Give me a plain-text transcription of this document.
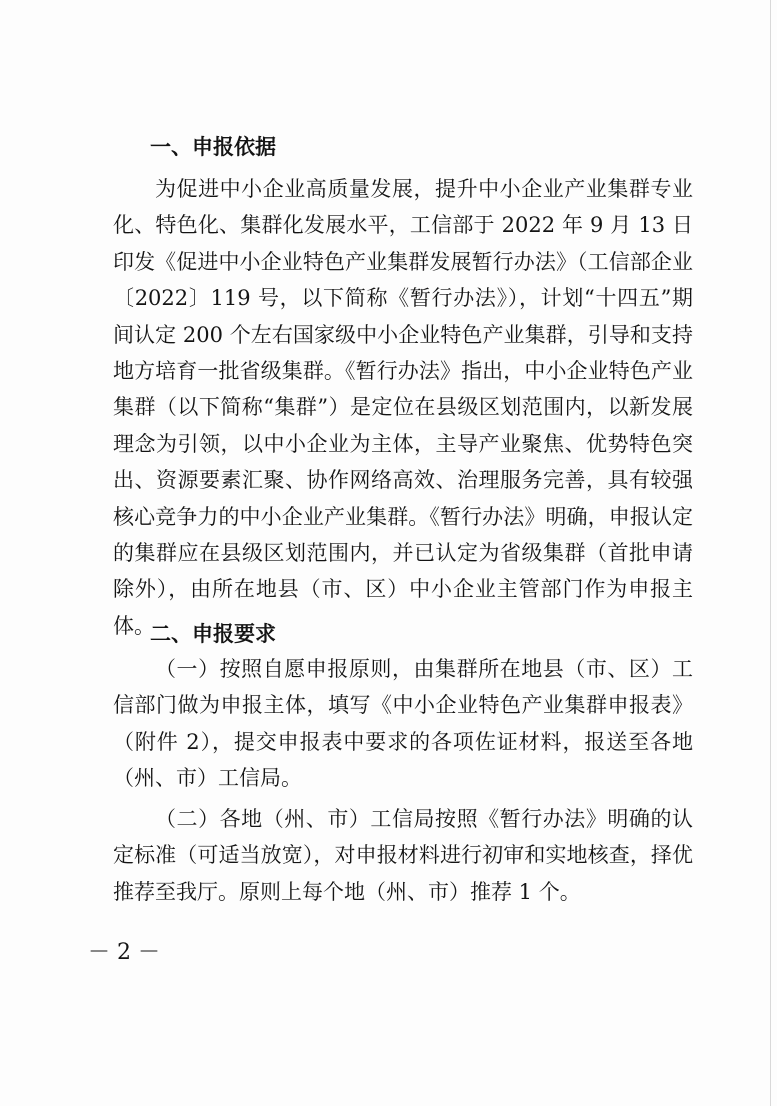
一、申报依据

为促进中小企业高质量发展，提升中小企业产业集群专业化、特色化、集群化发展水平，工信部于 2022 年 9 月 13 日印发《促进中小企业特色产业集群发展暂行办法》（工信部企业〔2022〕119 号，以下简称《暂行办法》），计划“十四五”期间认定 200 个左右国家级中小企业特色产业集群，引导和支持地方培育一批省级集群。《暂行办法》指出，中小企业特色产业集群（以下简称“集群”）是定位在县级区划范围内，以新发展理念为引领，以中小企业为主体，主导产业聚焦、优势特色突出、资源要素汇聚、协作网络高效、治理服务完善，具有较强核心竞争力的中小企业产业集群。《暂行办法》明确，申报认定的集群应在县级区划范围内，并已认定为省级集群（首批申请除外），由所在地县（市、区）中小企业主管部门作为申报主体。

二、申报要求

（一）按照自愿申报原则，由集群所在地县（市、区）工信部门做为申报主体，填写《中小企业特色产业集群申报表》（附件 2），提交申报表中要求的各项佐证材料，报送至各地（州、市）工信局。

（二）各地（州、市）工信局按照《暂行办法》明确的认定标准（可适当放宽），对申报材料进行初审和实地核查，择优推荐至我厅。原则上每个地（州、市）推荐 1 个。

－ 2 －
